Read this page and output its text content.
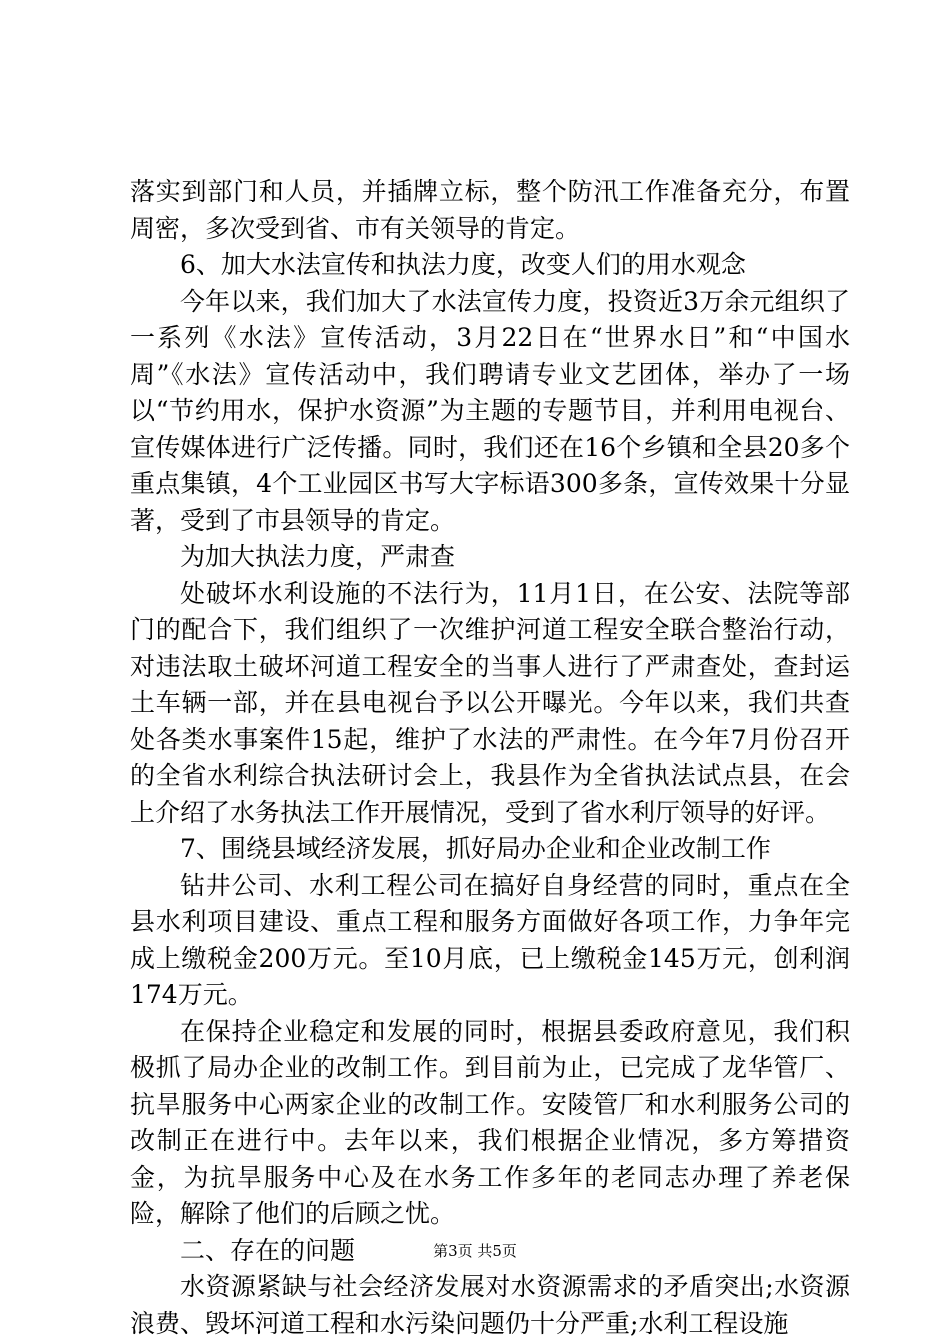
落实到部门和人员，并插牌立标，整个防汛工作准备充分，布置周密，多次受到省、市有关领导的肯定。

6、加大水法宣传和执法力度，改变人们的用水观念

今年以来，我们加大了水法宣传力度，投资近3万余元组织了一系列《水法》宣传活动，3月22日在“世界水日”和“中国水周”《水法》宣传活动中，我们聘请专业文艺团体，举办了一场以“节约用水，保护水资源”为主题的专题节目，并利用电视台、宣传媒体进行广泛传播。同时，我们还在16个乡镇和全县20多个重点集镇，4个工业园区书写大字标语300多条，宣传效果十分显著，受到了市县领导的肯定。

为加大执法力度，严肃查

处破坏水利设施的不法行为，11月1日，在公安、法院等部门的配合下，我们组织了一次维护河道工程安全联合整治行动，对违法取土破坏河道工程安全的当事人进行了严肃查处，查封运土车辆一部，并在县电视台予以公开曝光。今年以来，我们共查处各类水事案件15起，维护了水法的严肃性。在今年7月份召开的全省水利综合执法研讨会上，我县作为全省执法试点县，在会上介绍了水务执法工作开展情况，受到了省水利厅领导的好评。

7、围绕县域经济发展，抓好局办企业和企业改制工作

钻井公司、水利工程公司在搞好自身经营的同时，重点在全县水利项目建设、重点工程和服务方面做好各项工作，力争年完成上缴税金200万元。至10月底，已上缴税金145万元，创利润174万元。

在保持企业稳定和发展的同时，根据县委政府意见，我们积极抓了局办企业的改制工作。到目前为止，已完成了龙华管厂、抗旱服务中心两家企业的改制工作。安陵管厂和水利服务公司的改制正在进行中。去年以来，我们根据企业情况，多方筹措资金，为抗旱服务中心及在水务工作多年的老同志办理了养老保险，解除了他们的后顾之忧。

二、存在的问题

水资源紧缺与社会经济发展对水资源需求的矛盾突出;水资源浪费、毁坏河道工程和水污染问题仍十分严重;水利工程设施

第3页 共5页
